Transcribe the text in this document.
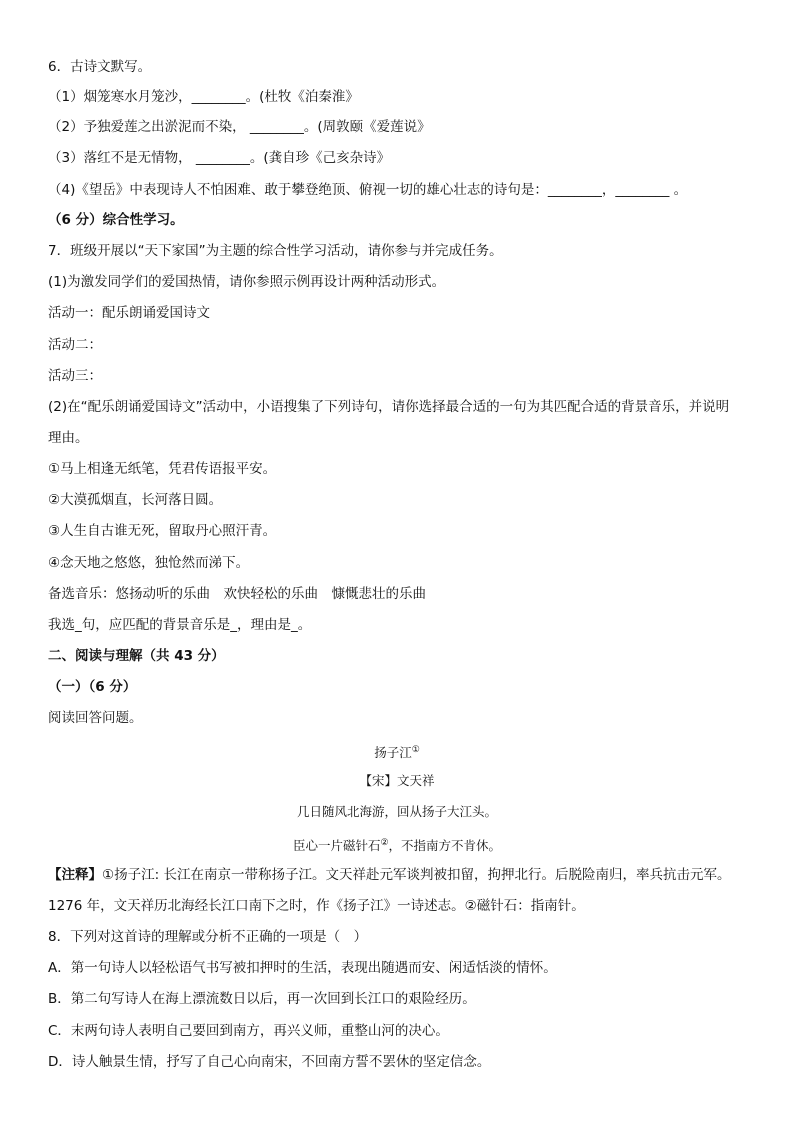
6．古诗文默写。
（1）烟笼寒水月笼沙，________。(杜牧《泊秦淮》
（2）予独爱莲之出淤泥而不染， ________。(周敦颐《爱莲说》
（3）落红不是无情物， ________。(龚自珍《己亥杂诗》
（4)《望岳》中表现诗人不怕困难、敢于攀登绝顶、俯视一切的雄心壮志的诗句是：________，________ 。
（6 分）综合性学习。
7．班级开展以“天下家国”为主题的综合性学习活动，请你参与并完成任务。
(1)为激发同学们的爱国热情，请你参照示例再设计两种活动形式。
活动一：配乐朗诵爱国诗文
活动二：
活动三：
(2)在“配乐朗诵爱国诗文”活动中，小语搜集了下列诗句，请你选择最合适的一句为其匹配合适的背景音乐，并说明
理由。
①马上相逢无纸笔，凭君传语报平安。
②大漠孤烟直，长河落日圆。
③人生自古谁无死，留取丹心照汗青。
④念天地之悠悠，独怆然而涕下。
备选音乐：悠扬动听的乐曲　欢快轻松的乐曲　慷慨悲壮的乐曲
我选_句，应匹配的背景音乐是_，理由是_。
二、阅读与理解（共 43 分）
（一）（6 分）
阅读回答问题。
扬子江①
【宋】文天祥
几日随风北海游，回从扬子大江头。
臣心一片磁针石②，不指南方不肯休。
【注释】①扬子江: 长江在南京一带称扬子江。文天祥赴元军谈判被扣留，拘押北行。后脱险南归，率兵抗击元军。
1276 年，文天祥历北海经长江口南下之时，作《扬子江》一诗述志。②磁针石：指南针。
8．下列对这首诗的理解或分析不正确的一项是（　）
A．第一句诗人以轻松语气书写被扣押时的生活，表现出随遇而安、闲适恬淡的情怀。
B．第二句写诗人在海上漂流数日以后，再一次回到长江口的艰险经历。
C．末两句诗人表明自己要回到南方，再兴义师，重整山河的决心。
D．诗人触景生情，抒写了自己心向南宋，不回南方誓不罢休的坚定信念。
